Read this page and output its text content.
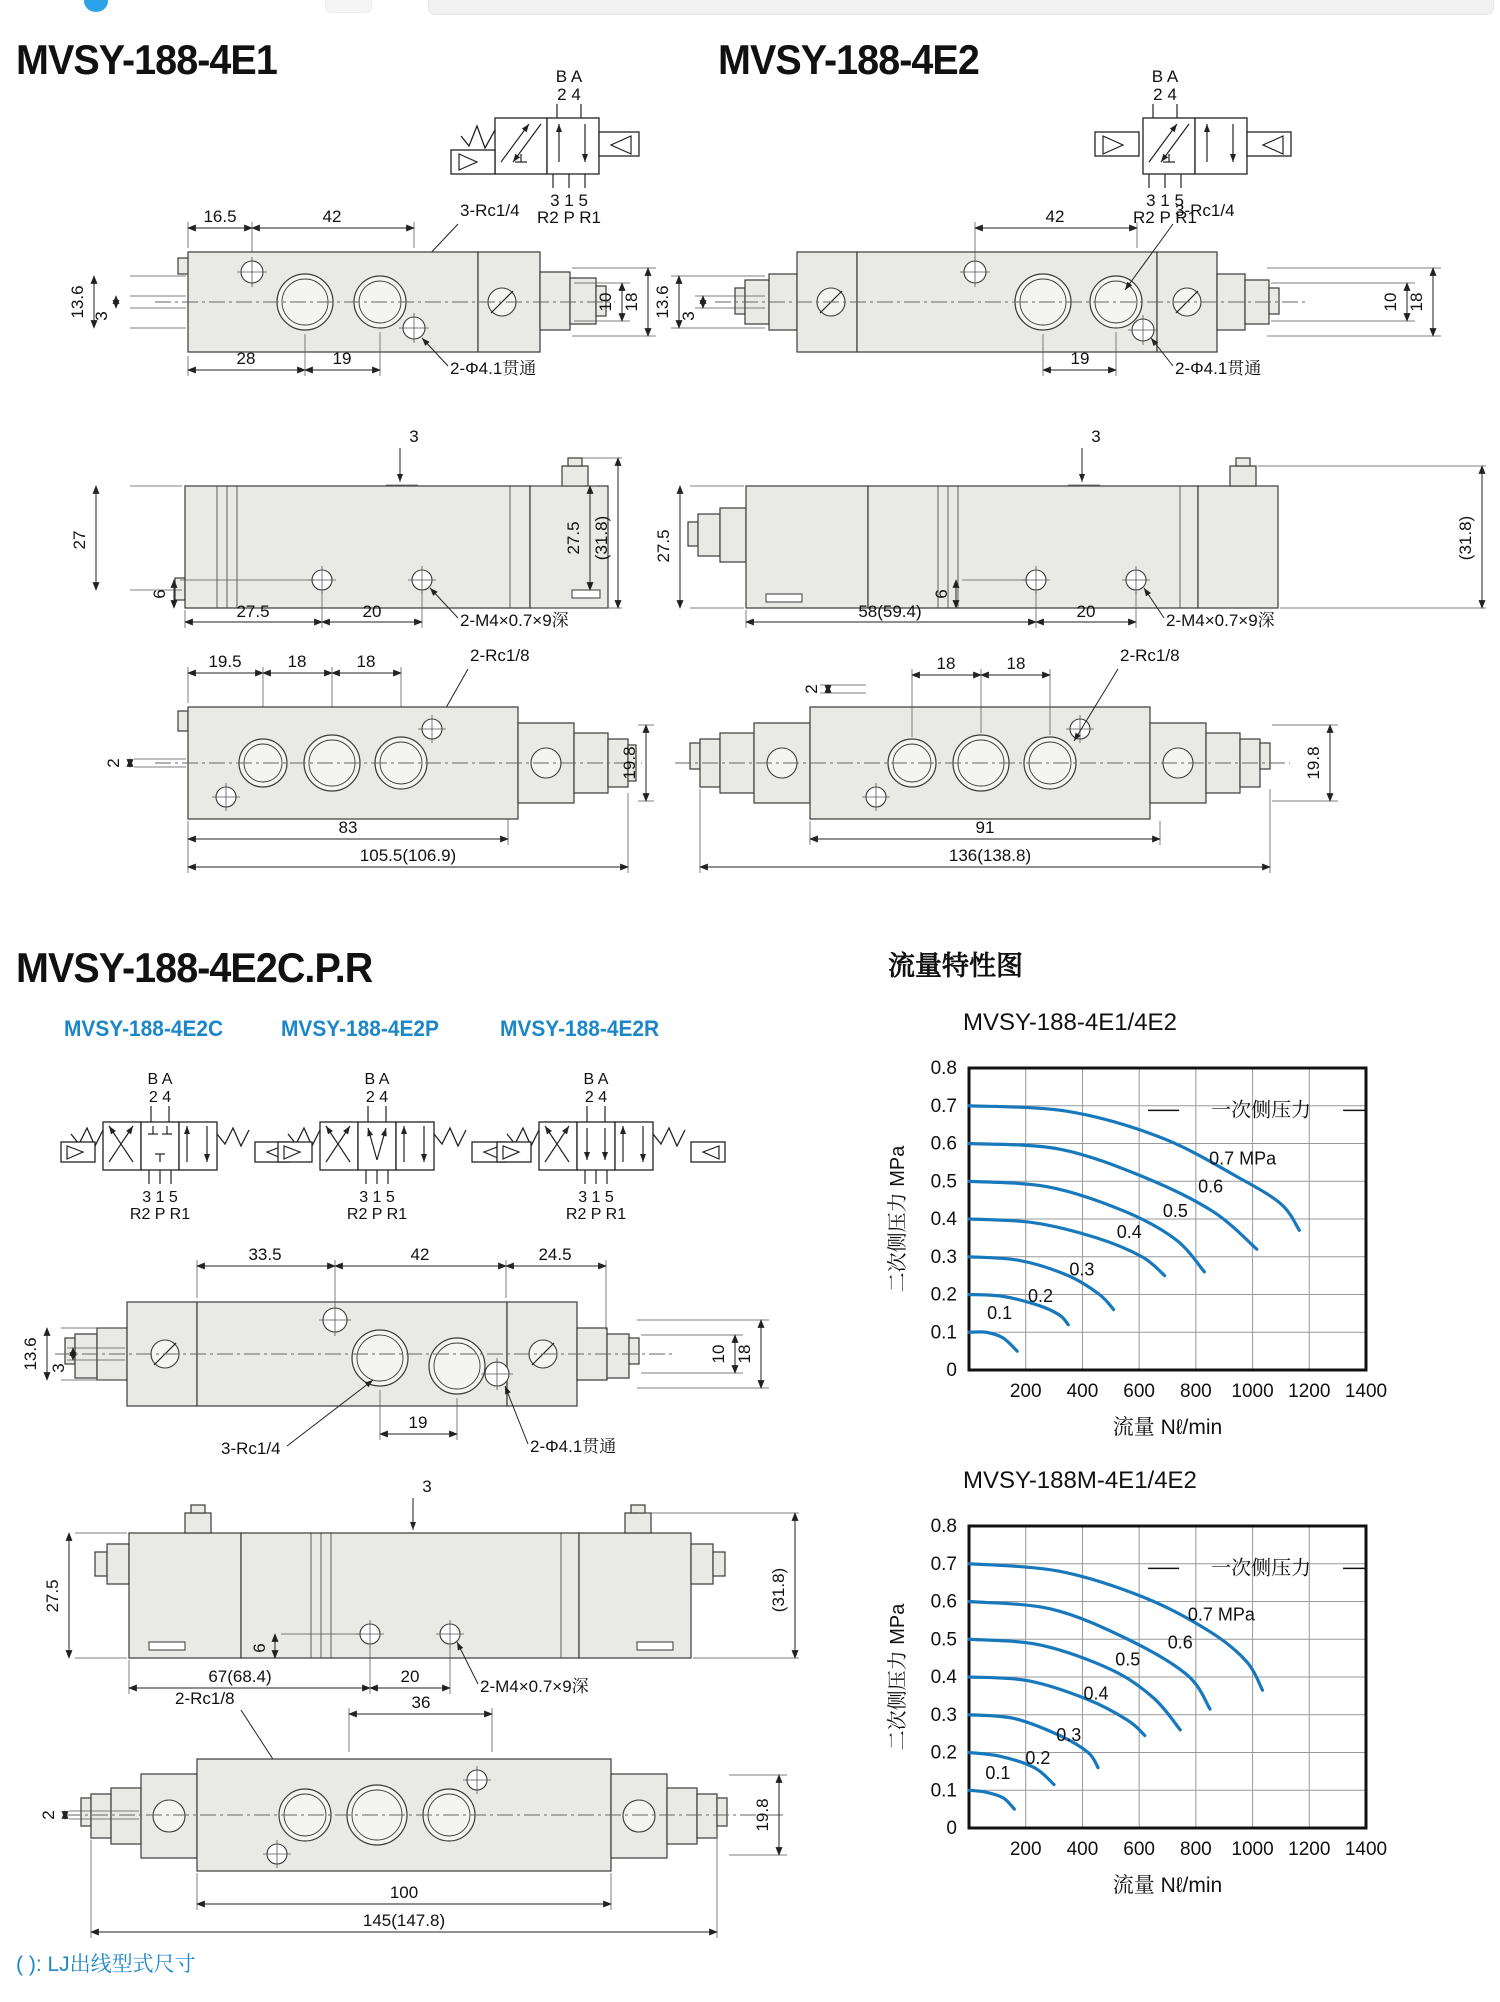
MVSY-188-4E1	MVSY-188-4E2
MVSY-188-4E2C.P.R	流量特性图
MVSY-188-4E2C	MVSY-188-4E2P	MVSY-188-4E2R
( ): LJ出线型式尺寸
16.5	42	3-Rc1/4
13.6 3
28	19
2-Φ4.1贯通
10 18
42	3-Rc1/4
13.6 3
19
2-Φ4.1贯通
10 18
3
27
6
27.5	20	2-M4×0.7×9深
27.5 (31.8)
3
27.5
6
58(59.4)	20	2-M4×0.7×9深
(31.8)
19.5	18	18	2-Rc1/8
2	19.8
83
105.5(106.9)
18	18
2
2-Rc1/8
19.8
91
136(138.8)
33.5	42	24.5
13.6 3
3-Rc1/4
19
2-Φ4.1贯通
10 18
3
27.5
6
67(68.4)	20
2-M4×0.7×9深
(31.8)
2-Rc1/8	36
2	19.8
100
145(147.8)
B A
2 4
3 1 5
R2 P R1
B A
2 4
3 1 5
R2 P R1
B A
2 4
3 1 5
R2 P R1
B A
2 4
3 1 5
R2 P R1
B A
2 4
3 1 5
R2 P R1
MVSY-188-4E1/4E2
0
0.1
0.2
0.3
0.4
0.5
0.6
0.7
0.8
200 400 600 800 1000 1200 1400
二次侧压力 MPa
流量 Nℓ/min
0.1
0.2
0.3
0.4
0.5
0.6
0.7 MPa
一次侧压力
MVSY-188M-4E1/4E2
0
0.1
0.2
0.3
0.4
0.5
0.6
0.7
0.8
200 400 600 800 1000 1200 1400
二次侧压力 MPa
流量 Nℓ/min
0.1
0.2
0.3
0.4
0.5
0.6
0.7 MPa
一次侧压力
